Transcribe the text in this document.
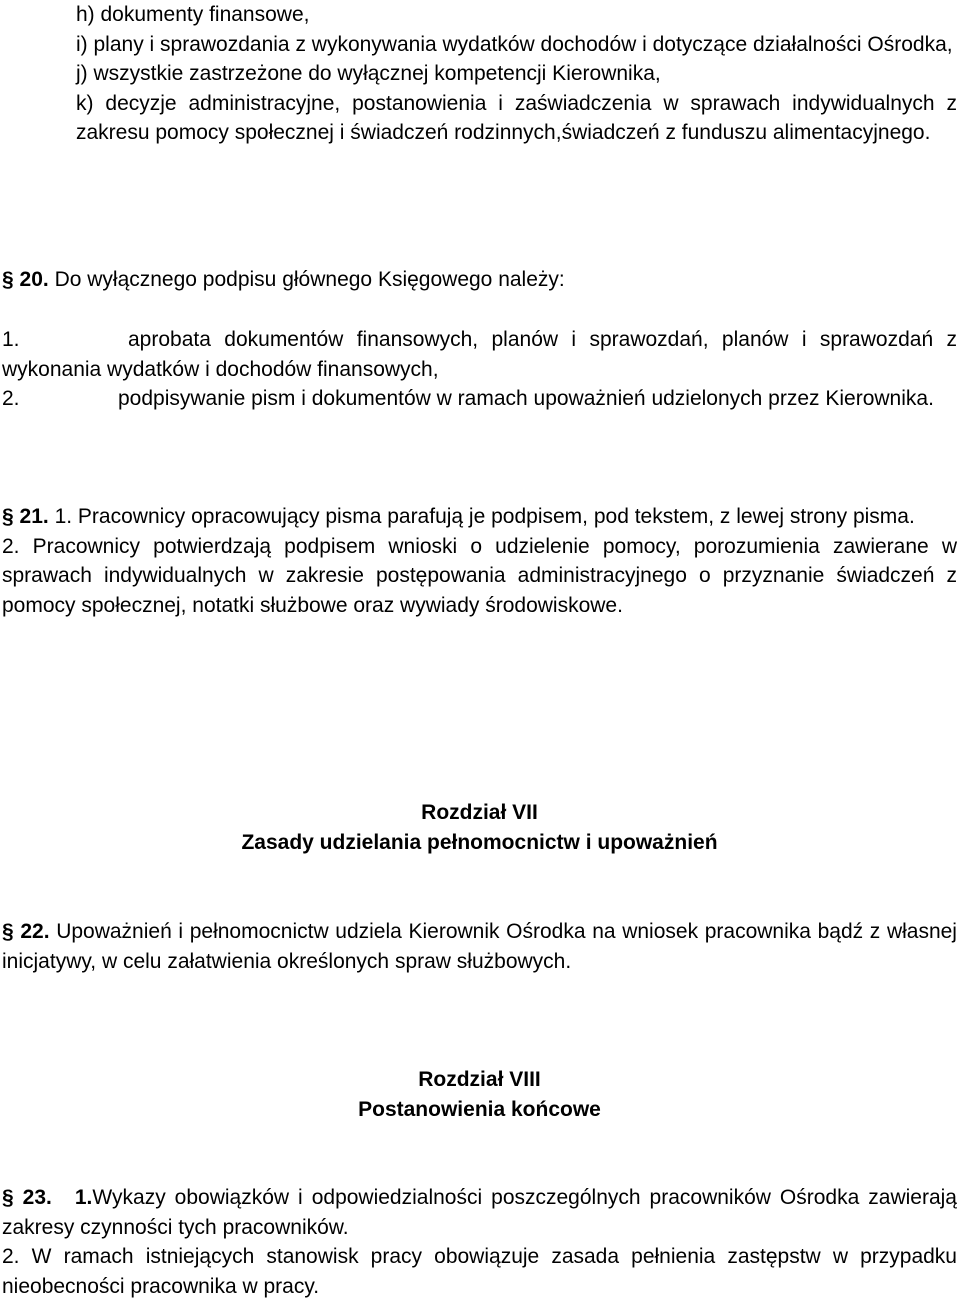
h) dokumenty finansowe,

i) plany i sprawozdania z wykonywania wydatków dochodów i dotyczące działalności Ośrodka,

j) wszystkie zastrzeżone do wyłącznej kompetencji Kierownika,

k) decyzje administracyjne, postanowienia i zaświadczenia w sprawach indywidualnych z zakresu pomocy społecznej i świadczeń rodzinnych,świadczeń z funduszu alimentacyjnego.

§ 20. Do wyłącznego podpisu głównego Księgowego należy:

1.	aprobata dokumentów finansowych, planów i sprawozdań, planów i sprawozdań z wykonania wydatków i dochodów finansowych,

2.	podpisywanie pism i dokumentów w ramach upoważnień udzielonych przez Kierownika.

§ 21. 1. Pracownicy opracowujący pisma parafują je podpisem, pod tekstem, z lewej strony pisma.

2. Pracownicy potwierdzają podpisem wnioski o udzielenie pomocy, porozumienia zawierane w sprawach indywidualnych w zakresie postępowania administracyjnego o przyznanie świadczeń z pomocy społecznej, notatki służbowe oraz wywiady środowiskowe.

Rozdział VII
Zasady udzielania pełnomocnictw i upoważnień

§ 22. Upoważnień i pełnomocnictw udziela Kierownik Ośrodka na wniosek pracownika bądź z własnej inicjatywy, w celu załatwienia określonych spraw służbowych.

Rozdział VIII
Postanowienia końcowe

§ 23. 1.Wykazy obowiązków i odpowiedzialności poszczególnych pracowników Ośrodka zawierają zakresy czynności tych pracowników.

2. W ramach istniejących stanowisk pracy obowiązuje zasada pełnienia zastępstw w przypadku nieobecności pracownika w pracy.
